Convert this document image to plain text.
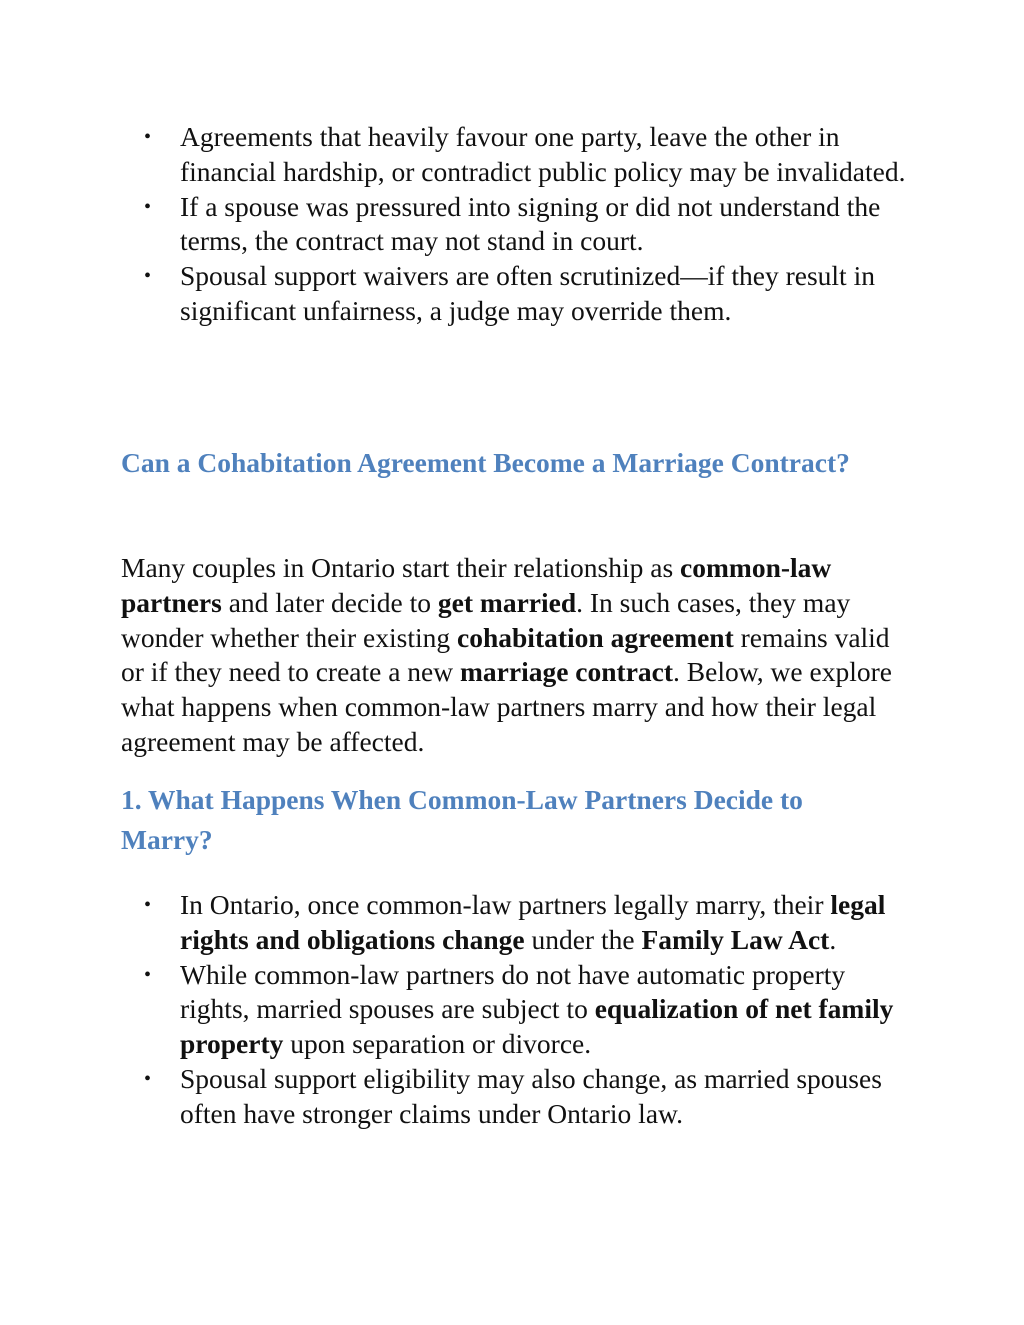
• Agreements that heavily favour one party, leave the other in financial hardship, or contradict public policy may be invalidated.
• If a spouse was pressured into signing or did not understand the terms, the contract may not stand in court.
• Spousal support waivers are often scrutinized—if they result in significant unfairness, a judge may override them.
Can a Cohabitation Agreement Become a Marriage Contract?

Many couples in Ontario start their relationship as common-law partners and later decide to get married. In such cases, they may wonder whether their existing cohabitation agreement remains valid or if they need to create a new marriage contract. Below, we explore what happens when common-law partners marry and how their legal agreement may be affected.

1. What Happens When Common-Law Partners Decide to Marry?
• In Ontario, once common-law partners legally marry, their legal rights and obligations change under the Family Law Act.
• While common-law partners do not have automatic property rights, married spouses are subject to equalization of net family property upon separation or divorce.
• Spousal support eligibility may also change, as married spouses often have stronger claims under Ontario law.
